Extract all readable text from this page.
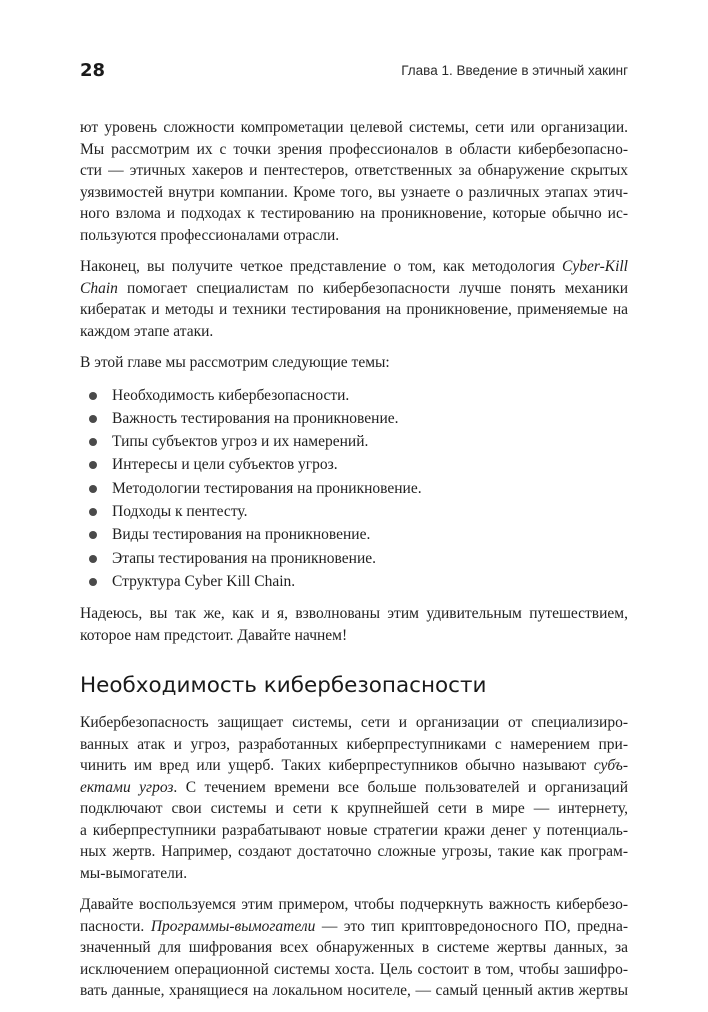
28	Глава 1. Введение в этичный хакинг

ют уровень сложности компрометации целевой системы, сети или организации.
Мы рассмотрим их с точки зрения профессионалов в области кибербезопасно-
сти — этичных хакеров и пентестеров, ответственных за обнаружение скрытых
уязвимостей внутри компании. Кроме того, вы узнаете о различных этапах этич-
ного взлома и подходах к тестированию на проникновение, которые обычно ис-
пользуются профессионалами отрасли.

Наконец, вы получите четкое представление о том, как методология Cyber-Kill
Chain помогает специалистам по кибербезопасности лучше понять механики
кибератак и методы и техники тестирования на проникновение, применяемые на
каждом этапе атаки.

В этой главе мы рассмотрим следующие темы:

Необходимость кибербезопасности.
Важность тестирования на проникновение.
Типы субъектов угроз и их намерений.
Интересы и цели субъектов угроз.
Методологии тестирования на проникновение.
Подходы к пентесту.
Виды тестирования на проникновение.
Этапы тестирования на проникновение.
Структура Cyber Kill Chain.

Надеюсь, вы так же, как и я, взволнованы этим удивительным путешествием,
которое нам предстоит. Давайте начнем!

Необходимость кибербезопасности

Кибербезопасность защищает системы, сети и организации от специализиро-
ванных атак и угроз, разработанных киберпреступниками с намерением при-
чинить им вред или ущерб. Таких киберпреступников обычно называют субъ-
ектами угроз. С течением времени все больше пользователей и организаций
подключают свои системы и сети к крупнейшей сети в мире — интернету,
а киберпреступники разрабатывают новые стратегии кражи денег у потенциаль-
ных жертв. Например, создают достаточно сложные угрозы, такие как програм-
мы-вымогатели.

Давайте воспользуемся этим примером, чтобы подчеркнуть важность кибербезо-
пасности. Программы-вымогатели — это тип криптовредоносного ПО, предна-
значенный для шифрования всех обнаруженных в системе жертвы данных, за
исключением операционной системы хоста. Цель состоит в том, чтобы зашифро-
вать данные, хранящиеся на локальном носителе, — самый ценный актив жертвы
